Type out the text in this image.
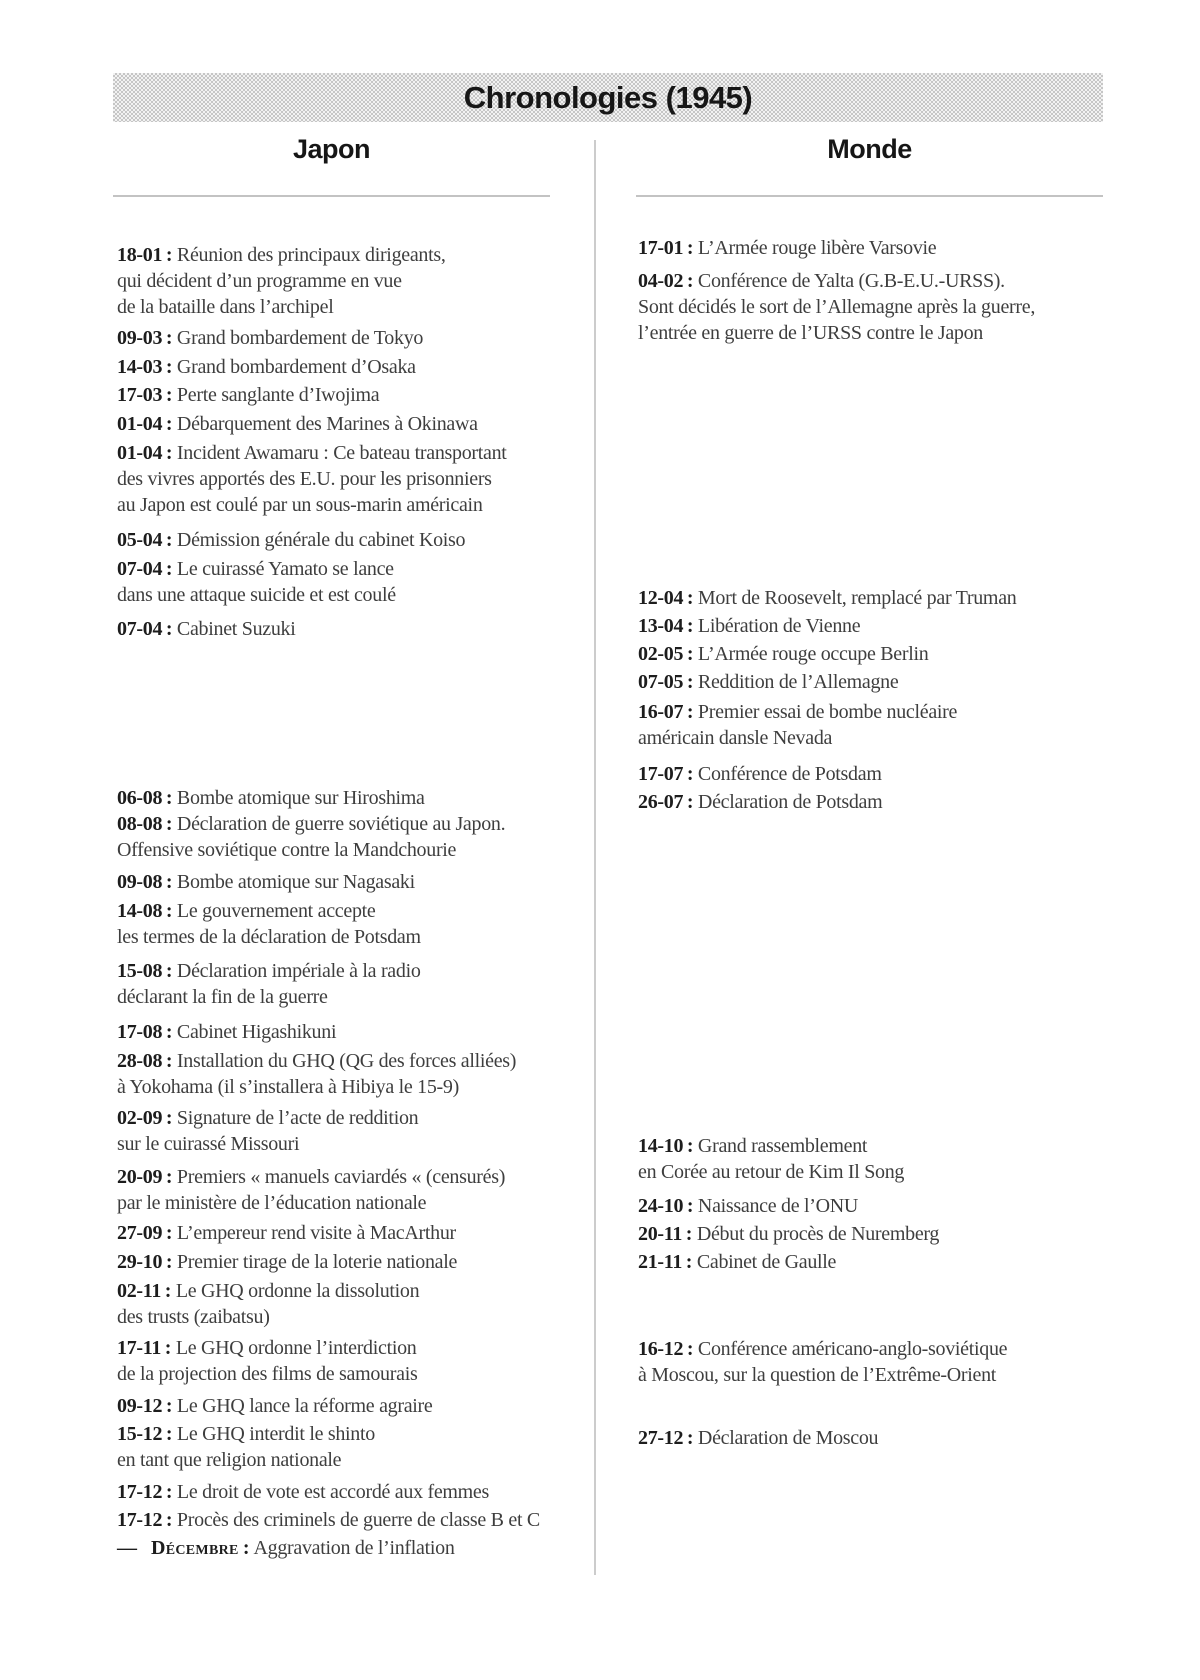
Chronologies (1945)
Japon	Monde
18-01 : Réunion des principaux dirigeants,
qui décident d’un programme en vue
de la bataille dans l’archipel
09-03 : Grand bombardement de Tokyo
14-03 : Grand bombardement d’Osaka
17-03 : Perte sanglante d’Iwojima
01-04 : Débarquement des Marines à Okinawa
01-04 : Incident Awamaru : Ce bateau transportant
des vivres apportés des E.U. pour les prisonniers
au Japon est coulé par un sous-marin américain
05-04 : Démission générale du cabinet Koiso
07-04 : Le cuirassé Yamato se lance
dans une attaque suicide et est coulé
07-04 : Cabinet Suzuki
06-08 : Bombe atomique sur Hiroshima
08-08 : Déclaration de guerre soviétique au Japon.
Offensive soviétique contre la Mandchourie
09-08 : Bombe atomique sur Nagasaki
14-08 : Le gouvernement accepte
les termes de la déclaration de Potsdam
15-08 : Déclaration impériale à la radio
déclarant la fin de la guerre
17-08 : Cabinet Higashikuni
28-08 : Installation du GHQ (QG des forces alliées)
à Yokohama (il s’installera à Hibiya le 15-9)
02-09 : Signature de l’acte de reddition
sur le cuirassé Missouri
20-09 : Premiers « manuels caviardés « (censurés)
par le ministère de l’éducation nationale
27-09 : L’empereur rend visite à MacArthur
29-10 : Premier tirage de la loterie nationale
02-11 : Le GHQ ordonne la dissolution
des trusts (zaibatsu)
17-11 : Le GHQ ordonne l’interdiction
de la projection des films de samourais
09-12 : Le GHQ lance la réforme agraire
15-12 : Le GHQ interdit le shinto
en tant que religion nationale
17-12 : Le droit de vote est accordé aux femmes
17-12 : Procès des criminels de guerre de classe B et C
— Décembre : Aggravation de l’inflation
17-01 : L’Armée rouge libère Varsovie
04-02 : Conférence de Yalta (G.B-E.U.-URSS).
Sont décidés le sort de l’Allemagne après la guerre,
l’entrée en guerre de l’URSS contre le Japon
12-04 : Mort de Roosevelt, remplacé par Truman
13-04 : Libération de Vienne
02-05 : L’Armée rouge occupe Berlin
07-05 : Reddition de l’Allemagne
16-07 : Premier essai de bombe nucléaire
américain dansle Nevada
17-07 : Conférence de Potsdam
26-07 : Déclaration de Potsdam
14-10 : Grand rassemblement
en Corée au retour de Kim Il Song
24-10 : Naissance de l’ONU
20-11 : Début du procès de Nuremberg
21-11 : Cabinet de Gaulle
16-12 : Conférence américano-anglo-soviétique
à Moscou, sur la question de l’Extrême-Orient
27-12 : Déclaration de Moscou
